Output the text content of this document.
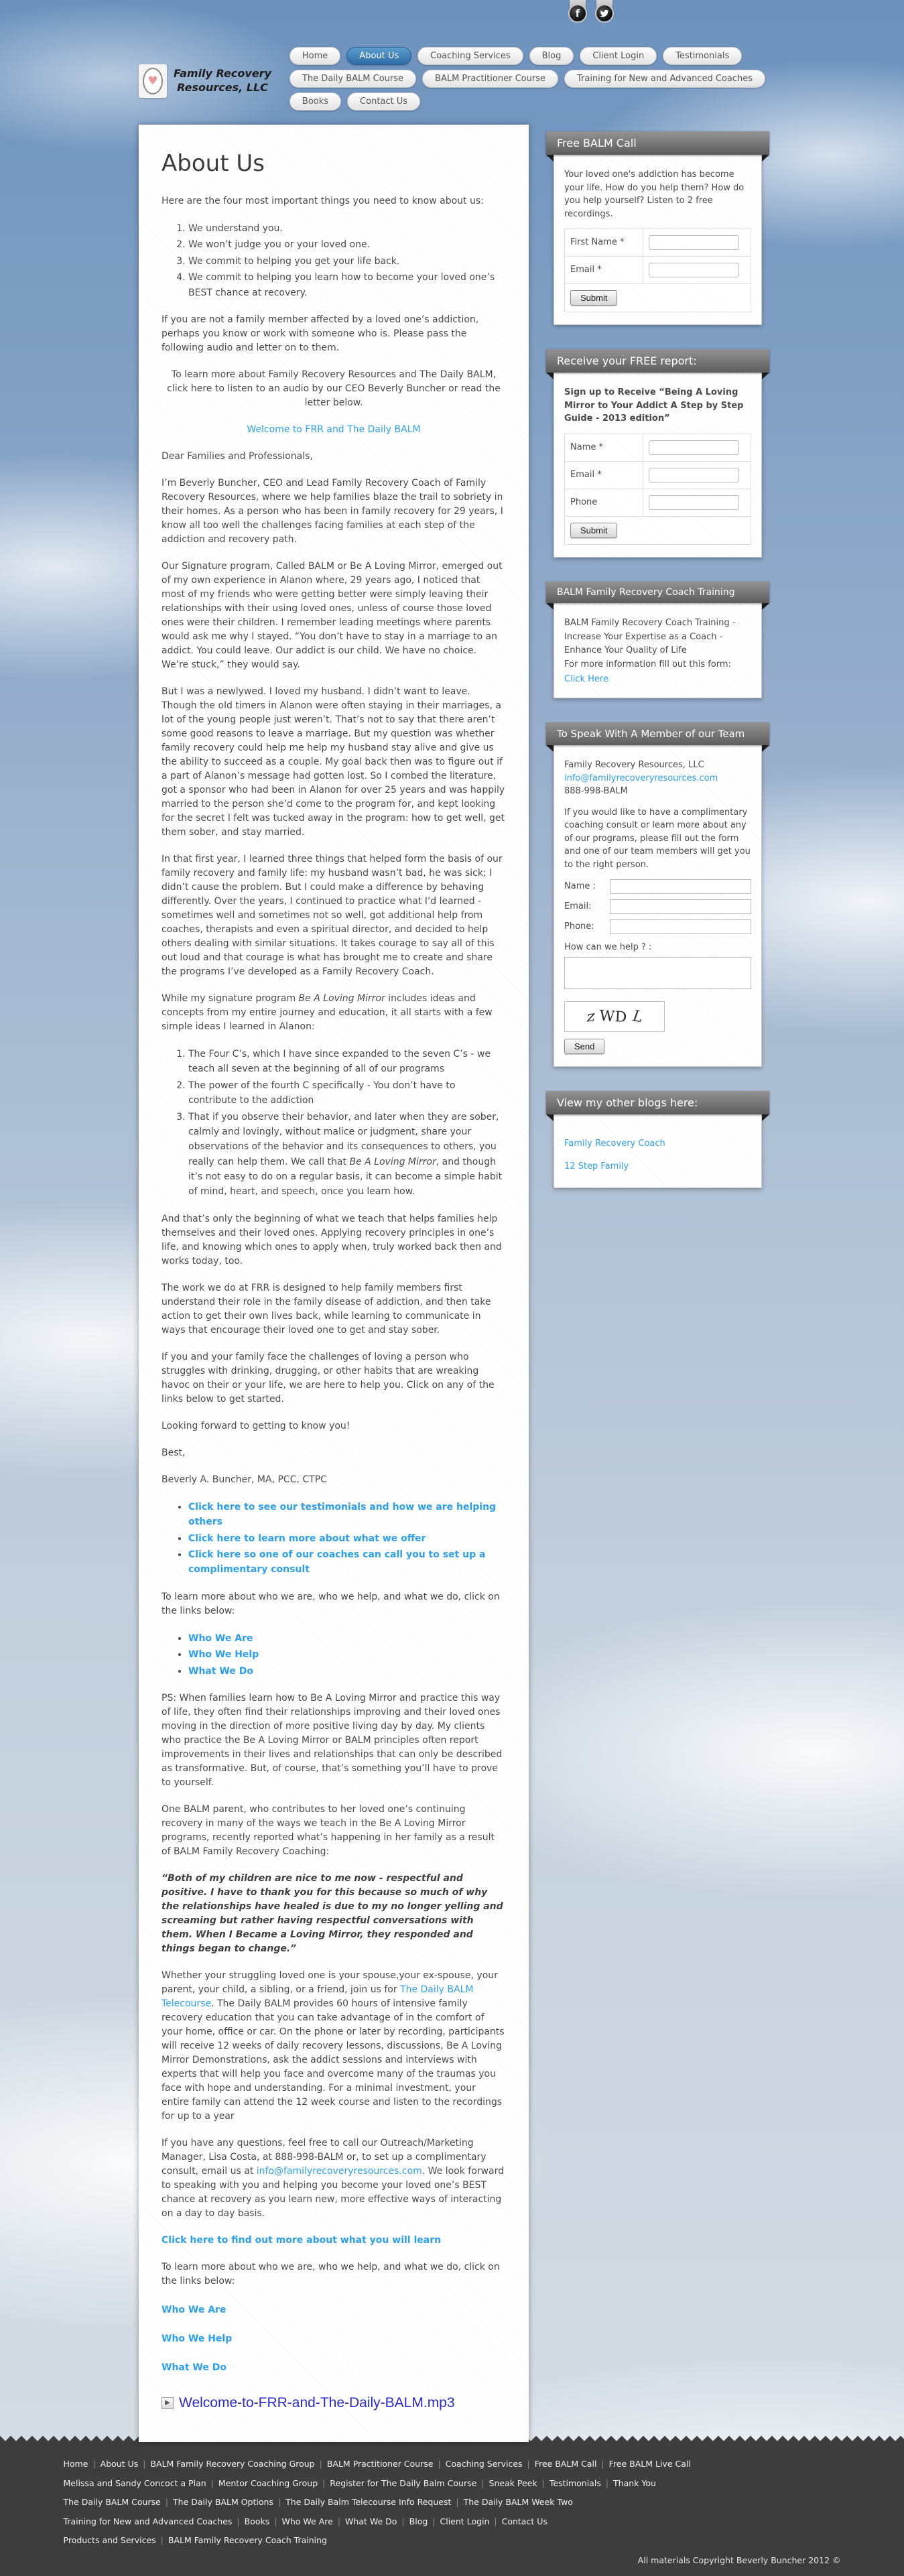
f
♥
Family Recovery
Resources, LLC
Home	About Us	Coaching Services	Blog	Client Login	Testimonials
The Daily BALM Course	BALM Practitioner Course	Training for New and Advanced Coaches
Books	Contact Us
About Us

Here are the four most important things you need to know about us:

1. We understand you.
2. We won’t judge you or your loved one.
3. We commit to helping you get your life back.
4. We commit to helping you learn how to become your loved one’s BEST chance at recovery.

If you are not a family member affected by a loved one’s addiction, perhaps you know or work with someone who is. Please pass the following audio and letter on to them.

To learn more about Family Recovery Resources and The Daily BALM, click here to listen to an audio by our CEO Beverly Buncher or read the letter below.

Welcome to FRR and The Daily BALM

Dear Families and Professionals,

I’m Beverly Buncher, CEO and Lead Family Recovery Coach of Family Recovery Resources, where we help families blaze the trail to sobriety in their homes. As a person who has been in family recovery for 29 years, I know all too well the challenges facing families at each step of the addiction and recovery path.

Our Signature program, Called BALM or Be A Loving Mirror, emerged out of my own experience in Alanon where, 29 years ago, I noticed that most of my friends who were getting better were simply leaving their relationships with their using loved ones, unless of course those loved ones were their children. I remember leading meetings where parents would ask me why I stayed. “You don’t have to stay in a marriage to an addict. You could leave. Our addict is our child. We have no choice. We’re stuck,” they would say.

But I was a newlywed. I loved my husband. I didn’t want to leave. Though the old timers in Alanon were often staying in their marriages, a lot of the young people just weren’t. That’s not to say that there aren’t some good reasons to leave a marriage. But my question was whether family recovery could help me help my husband stay alive and give us the ability to succeed as a couple. My goal back then was to figure out if a part of Alanon’s message had gotten lost. So I combed the literature, got a sponsor who had been in Alanon for over 25 years and was happily married to the person she’d come to the program for, and kept looking for the secret I felt was tucked away in the program: how to get well, get them sober, and stay married.

In that first year, I learned three things that helped form the basis of our family recovery and family life: my husband wasn’t bad, he was sick; I didn’t cause the problem. But I could make a difference by behaving differently. Over the years, I continued to practice what I’d learned - sometimes well and sometimes not so well, got additional help from coaches, therapists and even a spiritual director, and decided to help others dealing with similar situations. It takes courage to say all of this out loud and that courage is what has brought me to create and share the programs I’ve developed as a Family Recovery Coach.

While my signature program Be A Loving Mirror includes ideas and concepts from my entire journey and education, it all starts with a few simple ideas I learned in Alanon:

1. The Four C’s, which I have since expanded to the seven C’s - we teach all seven at the beginning of all of our programs
2. The power of the fourth C specifically - You don’t have to contribute to the addiction
3. That if you observe their behavior, and later when they are sober, calmly and lovingly, without malice or judgment, share your observations of the behavior and its consequences to others, you really can help them. We call that Be A Loving Mirror, and though it’s not easy to do on a regular basis, it can become a simple habit of mind, heart, and speech, once you learn how.

And that’s only the beginning of what we teach that helps families help themselves and their loved ones. Applying recovery principles in one’s life, and knowing which ones to apply when, truly worked back then and works today, too.

The work we do at FRR is designed to help family members first understand their role in the family disease of addiction, and then take action to get their own lives back, while learning to communicate in ways that encourage their loved one to get and stay sober.

If you and your family face the challenges of loving a person who struggles with drinking, drugging, or other habits that are wreaking havoc on their or your life, we are here to help you. Click on any of the links below to get started.

Looking forward to getting to know you!

Best,

Beverly A. Buncher, MA, PCC, CTPC

• Click here to see our testimonials and how we are helping others
• Click here to learn more about what we offer
• Click here so one of our coaches can call you to set up a complimentary consult

To learn more about who we are, who we help, and what we do, click on the links below:

• Who We Are
• Who We Help
• What We Do

PS: When families learn how to Be A Loving Mirror and practice this way of life, they often find their relationships improving and their loved ones moving in the direction of more positive living day by day. My clients who practice the Be A Loving Mirror or BALM principles often report improvements in their lives and relationships that can only be described as transformative. But, of course, that’s something you’ll have to prove to yourself.

One BALM parent, who contributes to her loved one’s continuing recovery in many of the ways we teach in the Be A Loving Mirror programs, recently reported what’s happening in her family as a result of BALM Family Recovery Coaching:

“Both of my children are nice to me now - respectful and positive. I have to thank you for this because so much of why the relationships have healed is due to my no longer yelling and screaming but rather having respectful conversations with them. When I Became a Loving Mirror, they responded and things began to change.”

Whether your struggling loved one is your spouse,your ex-spouse, your parent, your child, a sibling, or a friend, join us for The Daily BALM Telecourse. The Daily BALM provides 60 hours of intensive family recovery education that you can take advantage of in the comfort of your home, office or car. On the phone or later by recording, participants will receive 12 weeks of daily recovery lessons, discussions, Be A Loving Mirror Demonstrations, ask the addict sessions and interviews with experts that will help you face and overcome many of the traumas you face with hope and understanding. For a minimal investment, your entire family can attend the 12 week course and listen to the recordings for up to a year

If you have any questions, feel free to call our Outreach/Marketing Manager, Lisa Costa, at 888-998-BALM or, to set up a complimentary consult, email us at info@familyrecoveryresources.com. We look forward to speaking with you and helping you become your loved one’s BEST chance at recovery as you learn new, more effective ways of interacting on a day to day basis.

Click here to find out more about what you will learn

To learn more about who we are, who we help, and what we do, click on the links below:

Who We Are

Who We Help

What We Do

▶ Welcome-to-FRR-and-The-Daily-BALM.mp3
Free BALM Call

Your loved one's addiction has become your life. How do you help them? How do you help yourself? Listen to 2 free recordings.

First Name *	
Email *	
Submit	
Receive your FREE report:

Sign up to Receive “Being A Loving Mirror to Your Addict A Step by Step Guide - 2013 edition”

Name *	
Email *	
Phone	
Submit	
BALM Family Recovery Coach Training

BALM Family Recovery Coach Training -

Increase Your Expertise as a Coach - Enhance Your Quality of Life

For more information fill out this form:

Click Here

To Speak With A Member of our Team

Family Recovery Resources, LLC

info@familyrecoveryresources.com

888-998-BALM

If you would like to have a complimentary coaching consult or learn more about any of our programs, please fill out the form and one of our team members will get you to the right person.

Name :
Email:
Phone:

How can we help ? :

z WD L
Send
View my other blogs here:

Family Recovery Coach

12 Step Family

Home | About Us | BALM Family Recovery Coaching Group | BALM Practitioner Course | Coaching Services | Free BALM Call | Free BALM Live Call
Melissa and Sandy Concoct a Plan | Mentor Coaching Group | Register for The Daily Balm Course | Sneak Peek | Testimonials | Thank You
The Daily BALM Course | The Daily BALM Options | The Daily Balm Telecourse Info Request | The Daily BALM Week Two
Training for New and Advanced Coaches | Books | Who We Are | What We Do | Blog | Client Login | Contact Us
Products and Services | BALM Family Recovery Coach Training
All materials Copyright Beverly Buncher 2012 ©
